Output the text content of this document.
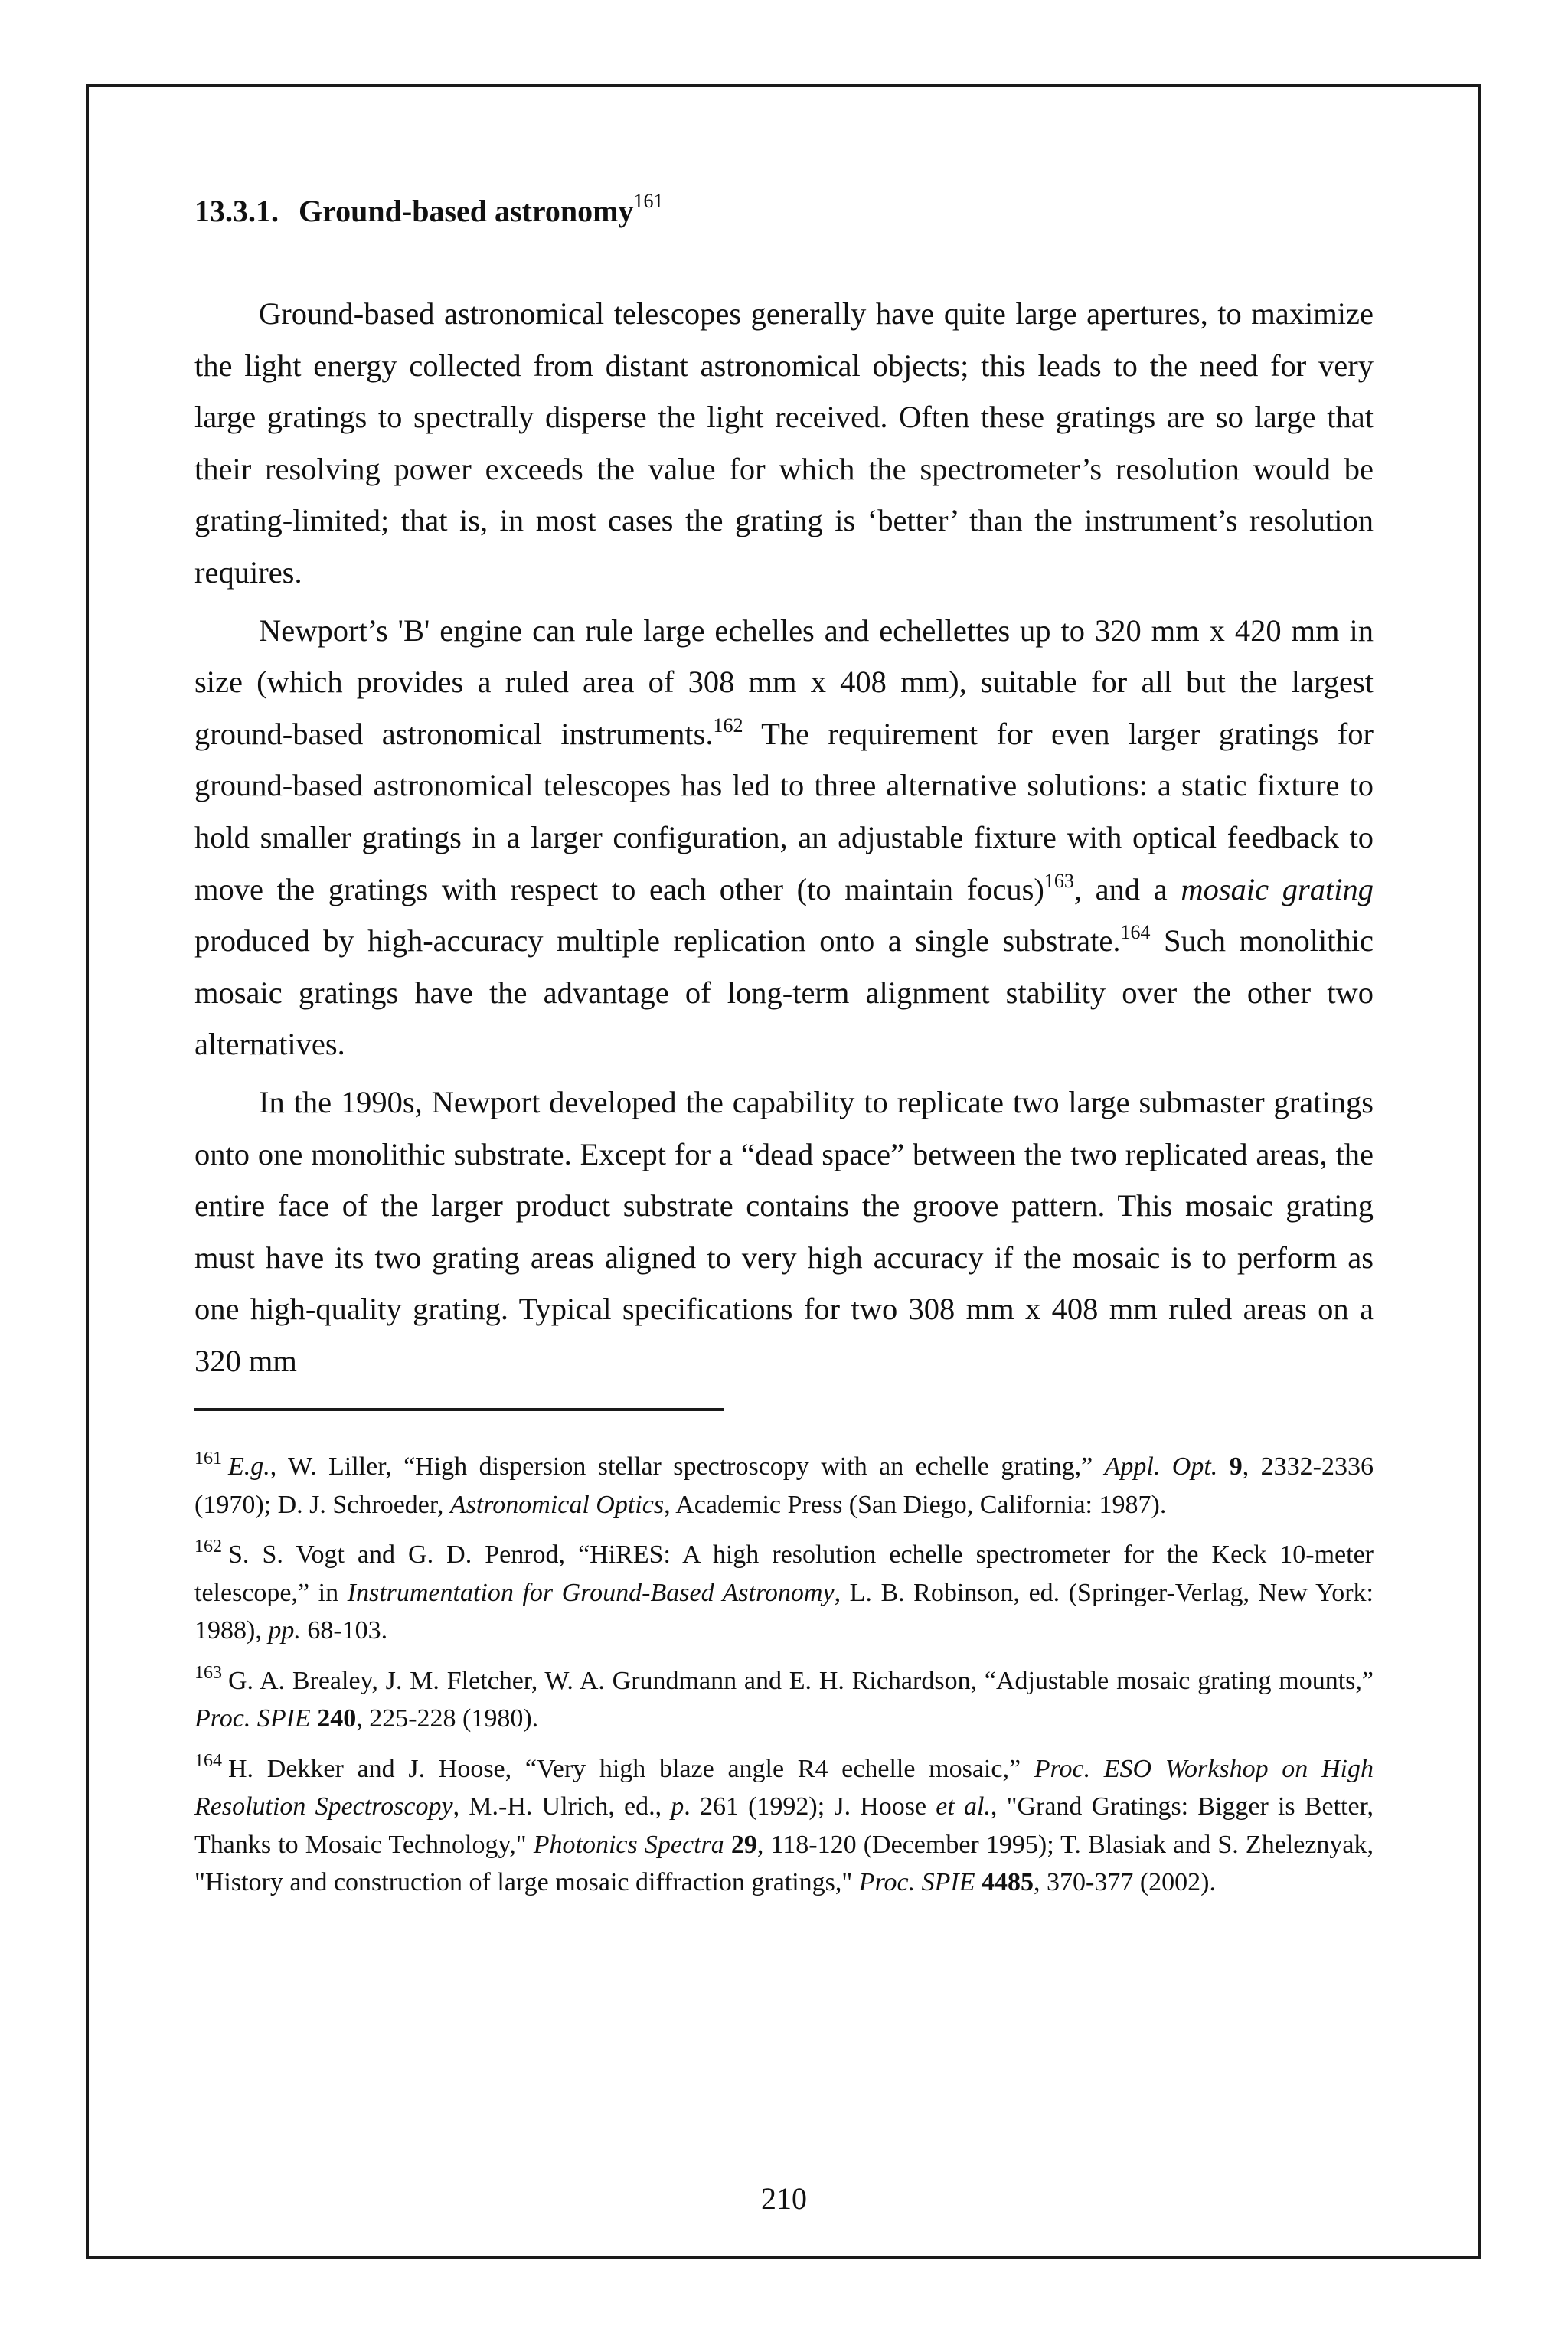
13.3.1. Ground-based astronomy$^{161}$

Ground-based astronomical telescopes generally have quite large apertures, to maximize the light energy collected from distant astronomical objects; this leads to the need for very large gratings to spectrally disperse the light received. Often these gratings are so large that their resolving power exceeds the value for which the spectrometer’s resolution would be grating-limited; that is, in most cases the grating is ‘better’ than the instrument’s resolution requires.

Newport’s 'B' engine can rule large echelles and echellettes up to 320 mm x 420 mm in size (which provides a ruled area of 308 mm x 408 mm), suitable for all but the largest ground-based astronomical instruments.$^{162}$ The requirement for even larger gratings for ground-based astronomical telescopes has led to three alternative solutions: a static fixture to hold smaller gratings in a larger configuration, an adjustable fixture with optical feedback to move the gratings with respect to each other (to maintain focus)$^{163}$, and a mosaic grating produced by high-accuracy multiple replication onto a single substrate.$^{164}$ Such monolithic mosaic gratings have the advantage of long-term alignment stability over the other two alternatives.

In the 1990s, Newport developed the capability to replicate two large submaster gratings onto one monolithic substrate. Except for a “dead space” between the two replicated areas, the entire face of the larger product substrate contains the groove pattern. This mosaic grating must have its two grating areas aligned to very high accuracy if the mosaic is to perform as one high-quality grating. Typical specifications for two 308 mm x 408 mm ruled areas on a 320 mm

$^{161}$ E.g., W. Liller, “High dispersion stellar spectroscopy with an echelle grating,” Appl. Opt. 9, 2332-2336 (1970); D. J. Schroeder, Astronomical Optics, Academic Press (San Diego, California: 1987).

$^{162}$ S. S. Vogt and G. D. Penrod, “HiRES: A high resolution echelle spectrometer for the Keck 10-meter telescope,” in Instrumentation for Ground-Based Astronomy, L. B. Robinson, ed. (Springer-Verlag, New York: 1988), pp. 68-103.

$^{163}$ G. A. Brealey, J. M. Fletcher, W. A. Grundmann and E. H. Richardson, “Adjustable mosaic grating mounts,” Proc. SPIE 240, 225-228 (1980).

$^{164}$ H. Dekker and J. Hoose, “Very high blaze angle R4 echelle mosaic,” Proc. ESO Workshop on High Resolution Spectroscopy, M.-H. Ulrich, ed., p. 261 (1992); J. Hoose et al., "Grand Gratings: Bigger is Better, Thanks to Mosaic Technology," Photonics Spectra 29, 118-120 (December 1995); T. Blasiak and S. Zheleznyak, "History and construction of large mosaic diffraction gratings," Proc. SPIE 4485, 370-377 (2002).

210
